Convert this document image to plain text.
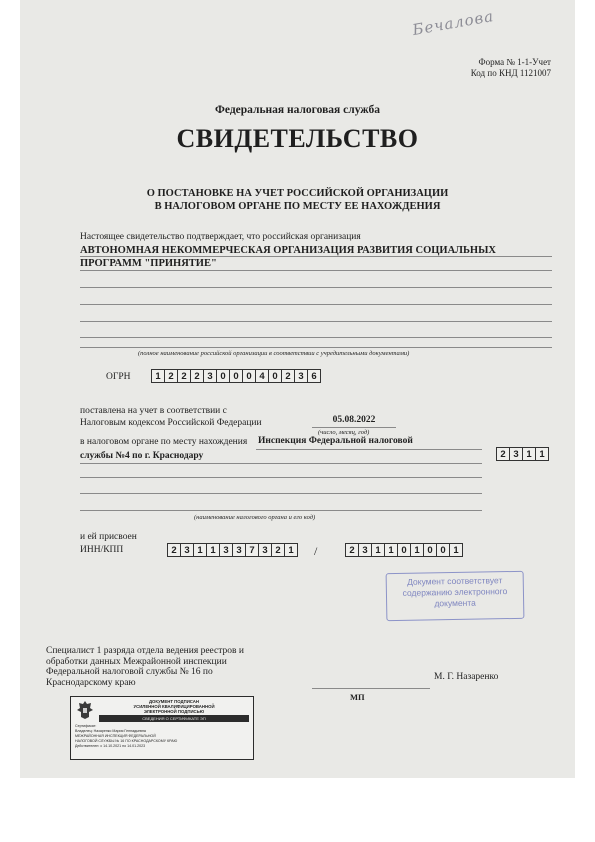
Бечалова
Форма № 1-1-Учет
Код по КНД 1121007
Федеральная налоговая служба
СВИДЕТЕЛЬСТВО
О ПОСТАНОВКЕ НА УЧЕТ РОССИЙСКОЙ ОРГАНИЗАЦИИ
В НАЛОГОВОМ ОРГАНЕ ПО МЕСТУ ЕЕ НАХОЖДЕНИЯ
Настоящее свидетельство подтверждает, что российская организация
АВТОНОМНАЯ НЕКОММЕРЧЕСКАЯ ОРГАНИЗАЦИЯ РАЗВИТИЯ СОЦИАЛЬНЫХ
ПРОГРАММ "ПРИНЯТИЕ"
(полное наименование российской организации в соответствии с учредительными документами)
ОГРН	1 2 2 2 3 0 0 0 4 0 2 3 6
поставлена на учет в соответствии с
Налоговым кодексом Российской Федерации	05.08.2022
(число, месяц, год)
в налоговом органе по месту нахождения Инспекция Федеральной налоговой
службы №4 по г. Краснодару	2 3 1 1
(наименование налогового органа и его код)
и ей присвоен
ИНН/КПП	2 3 1 1 3 3 7 3 2 1	/	2 3 1 1 0 1 0 0 1
Документ соответствует
содержанию электронного
документа
Специалист 1 разряда отдела ведения реестров и
обработки данных Межрайонной инспекции
Федеральной налоговой службы № 16 по
Краснодарскому краю
М. Г. Назаренко
МП
ДОКУМЕНТ ПОДПИСАН
УСИЛЕННОЙ КВАЛИФИЦИРОВАННОЙ
ЭЛЕКТРОННОЙ ПОДПИСЬЮ
СВЕДЕНИЯ О СЕРТИФИКАТЕ ЭП
Сертификат:
Владелец: Назаренко Мария Геннадьевна
МЕЖРАЙОННАЯ ИНСПЕКЦИЯ ФЕДЕРАЛЬНОЙ
НАЛОГОВОЙ СЛУЖБЫ № 16 ПО КРАСНОДАРСКОМУ КРАЮ
Действителен: с 14.10.2021 по 14.01.2023
